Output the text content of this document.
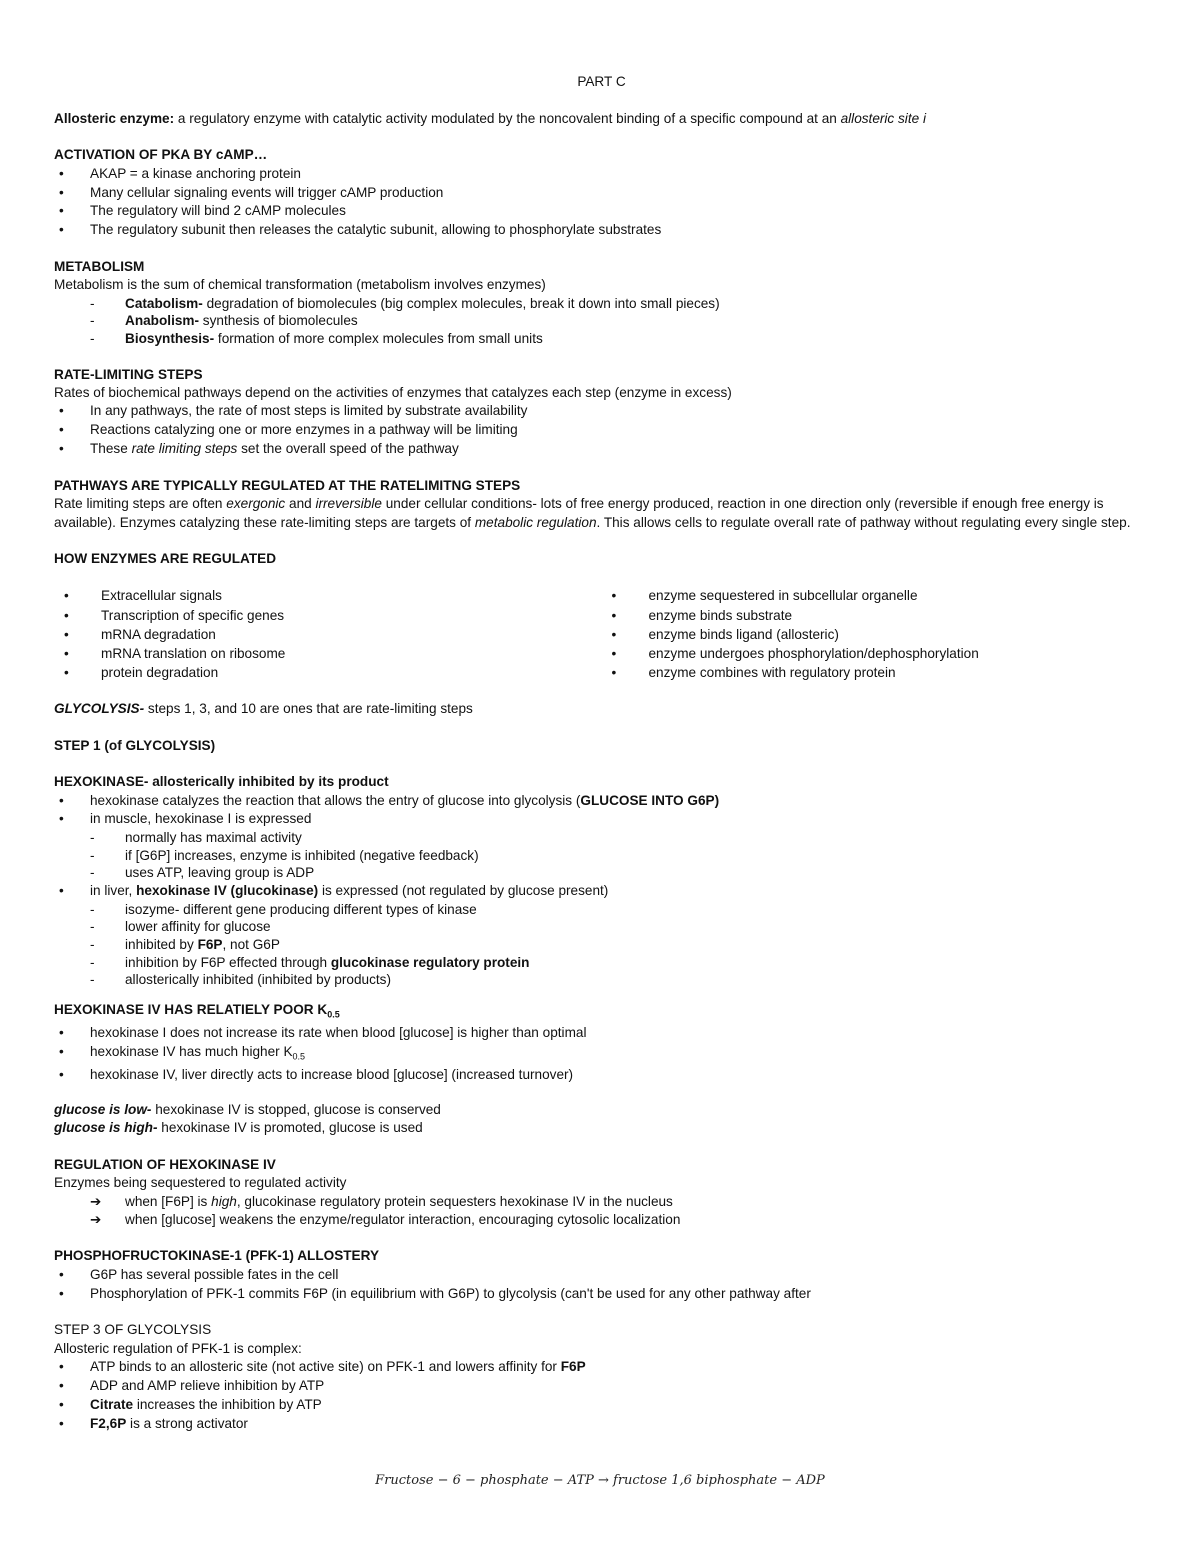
PART C
Allosteric enzyme: a regulatory enzyme with catalytic activity modulated by the noncovalent binding of a specific compound at an allosteric site i
ACTIVATION OF PKA BY cAMP…
• AKAP = a kinase anchoring protein
• Many cellular signaling events will trigger cAMP production
• The regulatory will bind 2 cAMP molecules
• The regulatory subunit then releases the catalytic subunit, allowing to phosphorylate substrates
METABOLISM
Metabolism is the sum of chemical transformation (metabolism involves enzymes)
- Catabolism- degradation of biomolecules (big complex molecules, break it down into small pieces)
- Anabolism- synthesis of biomolecules
- Biosynthesis- formation of more complex molecules from small units
RATE-LIMITING STEPS
Rates of biochemical pathways depend on the activities of enzymes that catalyzes each step (enzyme in excess)
• In any pathways, the rate of most steps is limited by substrate availability
• Reactions catalyzing one or more enzymes in a pathway will be limiting
• These rate limiting steps set the overall speed of the pathway
PATHWAYS ARE TYPICALLY REGULATED AT THE RATELIMITNG STEPS
Rate limiting steps are often exergonic and irreversible under cellular conditions- lots of free energy produced, reaction in one direction only (reversible if enough free energy is available). Enzymes catalyzing these rate-limiting steps are targets of metabolic regulation. This allows cells to regulate overall rate of pathway without regulating every single step.
HOW ENZYMES ARE REGULATED
• Extracellular signals
• Transcription of specific genes
• mRNA degradation
• mRNA translation on ribosome
• protein degradation
• enzyme sequestered in subcellular organelle
• enzyme binds substrate
• enzyme binds ligand (allosteric)
• enzyme undergoes phosphorylation/dephosphorylation
• enzyme combines with regulatory protein
GLYCOLYSIS- steps 1, 3, and 10 are ones that are rate-limiting steps
STEP 1 (of GLYCOLYSIS)
HEXOKINASE- allosterically inhibited by its product
• hexokinase catalyzes the reaction that allows the entry of glucose into glycolysis (GLUCOSE INTO G6P)
• in muscle, hexokinase I is expressed
- normally has maximal activity
- if [G6P] increases, enzyme is inhibited (negative feedback)
- uses ATP, leaving group is ADP
• in liver, hexokinase IV (glucokinase) is expressed (not regulated by glucose present)
- isozyme- different gene producing different types of kinase
- lower affinity for glucose
- inhibited by F6P, not G6P
- inhibition by F6P effected through glucokinase regulatory protein
- allosterically inhibited (inhibited by products)
HEXOKINASE IV HAS RELATIELY POOR $K_{0.5}$
• hexokinase I does not increase its rate when blood [glucose] is higher than optimal
• hexokinase IV has much higher $K_{0.5}$
• hexokinase IV, liver directly acts to increase blood [glucose] (increased turnover)
glucose is low- hexokinase IV is stopped, glucose is conserved
glucose is high- hexokinase IV is promoted, glucose is used
REGULATION OF HEXOKINASE IV
Enzymes being sequestered to regulated activity
➔ when [F6P] is high, glucokinase regulatory protein sequesters hexokinase IV in the nucleus
➔ when [glucose] weakens the enzyme/regulator interaction, encouraging cytosolic localization
PHOSPHOFRUCTOKINASE-1 (PFK-1) ALLOSTERY
• G6P has several possible fates in the cell
• Phosphorylation of PFK-1 commits F6P (in equilibrium with G6P) to glycolysis (can't be used for any other pathway after
STEP 3 OF GLYCOLYSIS
Allosteric regulation of PFK-1 is complex:
• ATP binds to an allosteric site (not active site) on PFK-1 and lowers affinity for F6P
• ADP and AMP relieve inhibition by ATP
• Citrate increases the inhibition by ATP
• F2,6P is a strong activator
Fructose − 6 − phosphate − ATP → fructose 1,6 biphosphate − ADP
